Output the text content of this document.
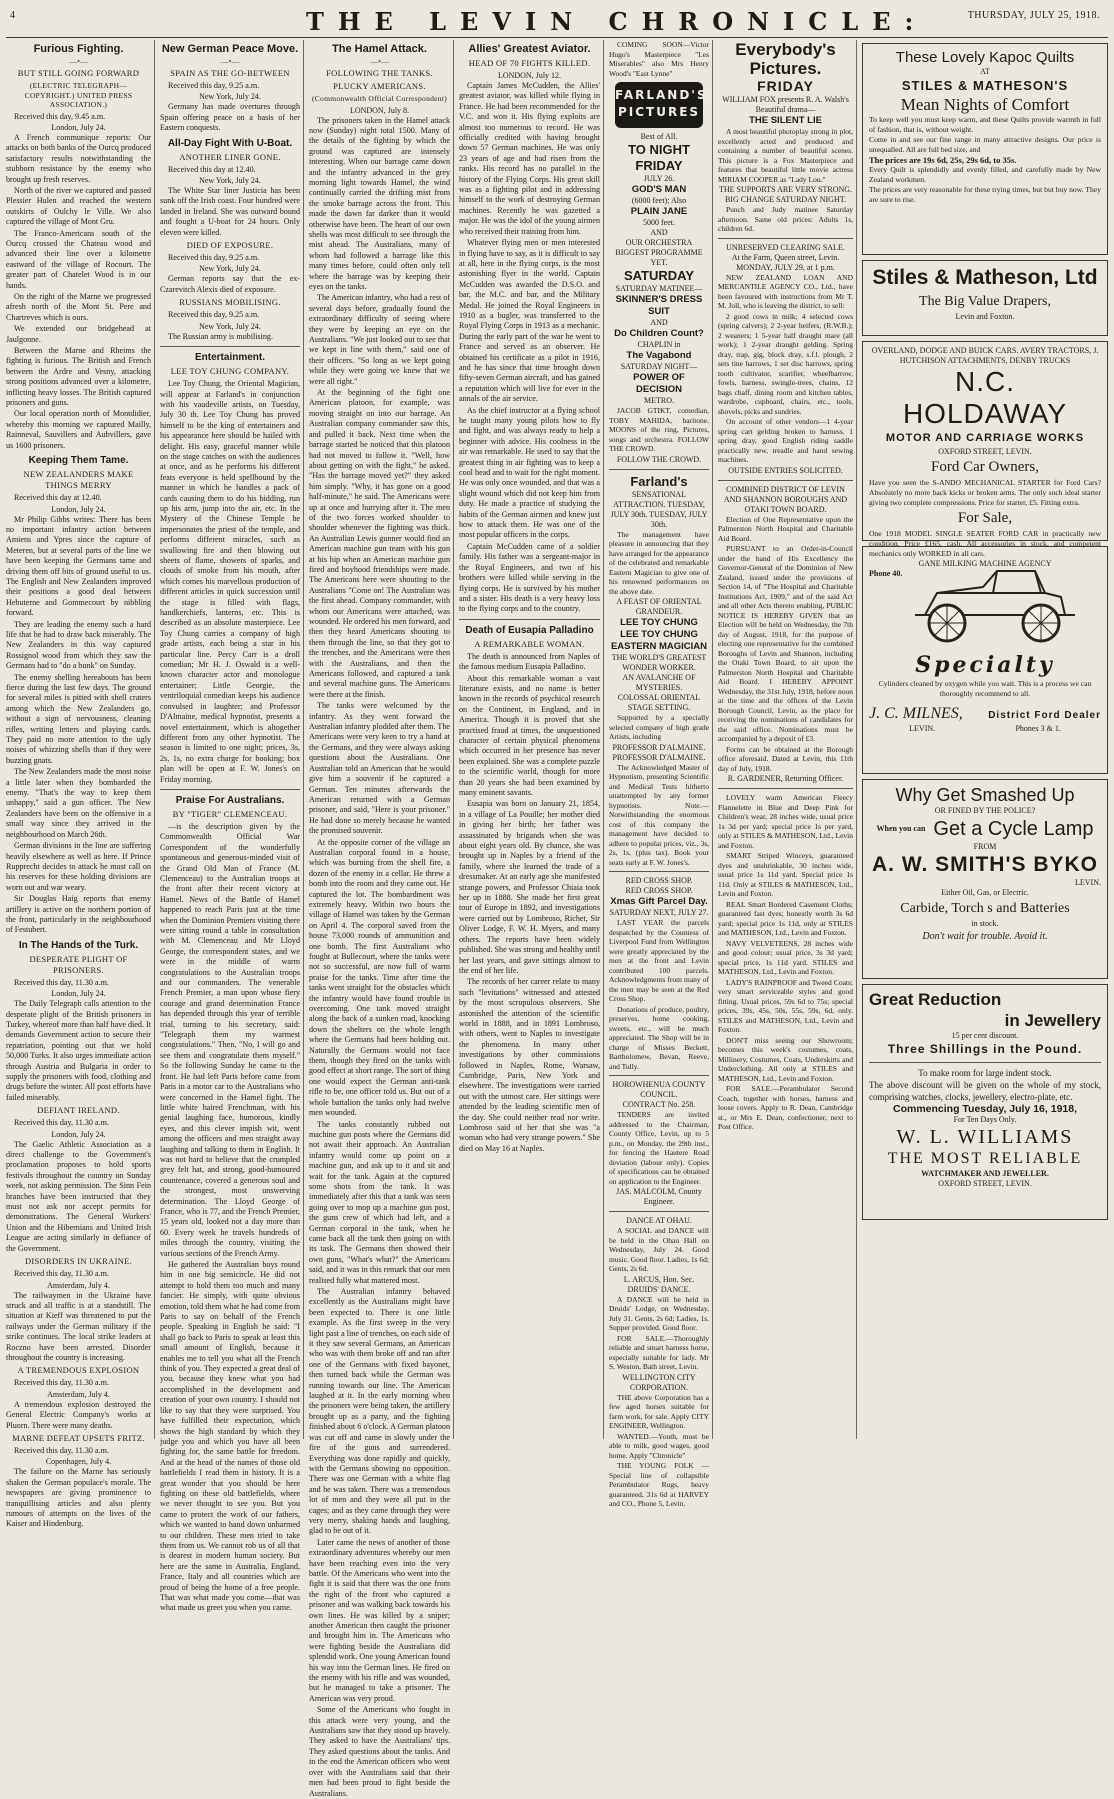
4	THE LEVIN CHRONICLE:	THURSDAY, JULY 25, 1918.
Furious Fighting.
—•—
BUT STILL GOING FORWARD
(ELECTRIC TELEGRAPH—COPYRIGHT.) UNITED PRESS ASSOCIATION.)
Received this day, 9.45 a.m.
London, July 24.

A French communique reports: Our attacks on both banks of the Ourcq produced satisfactory results notwithstanding the stubborn resistance by the enemy who brought up fresh reserves.

North of the river we captured and passed Plessier Hulen and reached the western outskirts of Oulchy le Ville. We also captured the village of Mont Gru.

The Franco-Americans south of the Ourcq crossed the Chateau wood and advanced their line over a kilometre eastward of the village of Rocourt. The greater part of Chatelet Wood is in our hands.

On the right of the Marne we progressed afresh north of the Mont St. Pere and Chartreves which is ours.

We extended our bridgehead at Jaulgonne.

Between the Marne and Rheims the fighting is furious. The British and French between the Ardre and Vesny, attacking strong positions advanced over a kilometre, inflicting heavy losses. The British captured prisoners and guns.

Our local operation north of Montdidier, whereby this morning we captured Mailly, Rainneval, Sauvillers and Aubvillers, gave us 1600 prisoners.

Keeping Them Tame.
NEW ZEALANDERS MAKE THINGS MERRY
Received this day at 12.40.
London, July 24.

Mr Philip Gibbs writes: There has been no important infantry action between Amiens and Ypres since the capture of Meteren, but at several parts of the line we have been keeping the Germans tame and driving them off bits of ground useful to us. The English and New Zealanders improved their positions a good deal between Hebuterne and Gommecourt by nibbling forward.

They are leading the enemy such a hard life that he had to draw back miserably. The New Zealanders in this way captured Rossignol wood from which they saw the Germans had to "do a bunk" on Sunday.

The enemy shelling hereabouts has been fierce during the last few days. The ground for several miles is pitted with shell craters among which the New Zealanders go, without a sign of nervousness, cleaning rifles, writing letters and playing cards. They paid no more attention to the ugly noises of whizzing shells than if they were buzzing gnats.

The New Zealanders made the most noise a little later when they bombarded the enemy. "That's the way to keep them unhappy," said a gun officer. The New Zealanders have been on the offensive in a small way since they arrived in the neighbourhood on March 26th.

German divisions in the line are suffering heavily elsewhere as well as here. If Prince Rupprecht decides to attack he must call on his reserves for these holding divisions are worn out and war weary.

Sir Douglas Haig reports that enemy artillery is active on the northern portion of the front, particularly in the neighbourhood of Festubert.

In The Hands of the Turk.
DESPERATE PLIGHT OF PRISONERS.
Received this day, 11.30 a.m.
London, July 24.

The Daily Telegraph calls attention to the desperate plight of the British prisoners in Turkey, whereof more than half have died. It demands Government action to secure their repatriation, pointing out that we hold 50,000 Turks. It also urges immediate action through Austria and Bulgaria in order to supply the prisoners with food, clothing and drugs before the winter. All post efforts have failed miserably.

DEFIANT IRELAND.
Received this day, 11.30 a.m.
London, July 24.

The Gaelic Athletic Association as a direct challenge to the Government's proclamation proposes to hold sports festivals throughout the country on Sunday week, not asking permission. The Sinn Fein branches have been instructed that they must not ask nor accept permits for demonstrations. The General Workers' Union and the Hibernians and United Irish League are acting similarly in defiance of the Government.

DISORDERS IN UKRAINE.
Received this day, 11.30 a.m.
Amsterdam, July 4.

The railwaymen in the Ukraine have struck and all traffic is at a standstill. The situation at Kieff was threatened to put the railways under the German military if the strike continues. The local strike leaders at Roczno have been arrested. Disorder throughout the country is increasing.

A TREMENDOUS EXPLOSION
Received this day, 11.30 a.m.
Amsterdam, July 4.

A tremendous explosion destroyed the General Electric Company's works at Pluorn. There were many deaths.

MARNE DEFEAT UPSETS FRITZ.
Received this day, 11.30 a.m.
Copenhagen, July 4.

The failure on the Marne has seriously shaken the German populace's morale. The newspapers are giving prominence to tranquillising articles and also plenty rumours of attempts on the lives of the Kaiser and Hindenburg.

New German Peace Move.
—•—
SPAIN AS THE GO-BETWEEN
Received this day, 9.25 a.m.
New York, July 24.

Germany has made overtures through Spain offering peace on a basis of her Eastern conquests.

All-Day Fight With U-Boat.
ANOTHER LINER GONE.
Received this day at 12.40.
New York, July 24.

The White Star liner Justicia has been sunk off the Irish coast. Four hundred were landed in Ireland. She was outward bound and fought a U-boat for 24 hours. Only eleven were killed.

DIED OF EXPOSURE.
Received this day, 9.25 a.m.
New York, July 24.

German reports say that the ex-Czarevitch Alexis died of exposure.

RUSSIANS MOBILISING.
Received this day, 9.25 a.m.
New York, July 24.

The Russian army is mobilising.

Entertainment.
LEE TOY CHUNG COMPANY.

Lee Toy Chung, the Oriental Magician, will appear at Farland's in conjunction with his vaudeville artists, on Tuesday, July 30 th. Lee Toy Chung has proved himself to be the king of entertainers and his appearance here should be hailed with delight. His easy, graceful manner while on the stage catches on with the audiences at once, and as he performs his different feats everyone is held spellbound by the manner in which he handles a pack of cards causing them to do his bidding, run up his arm, jump into the air, etc. In the Mystery of the Chinese Temple he impersonates the priest of the temple, and performs different miracles, such as swallowing fire and then blowing out sheets of flame, showers of sparks, and clouds of smoke from his mouth, after which comes his marvellous production of different articles in quick succession until the stage is filled with flags, handkerchiefs, lanterns, etc. This is described as an absolute masterpiece. Lee Toy Chung carries a company of high grade artists, each being a star in his particular line. Percy Carr is a droll comedian; Mr H. J. Oswald is a well-known character actor and monologue entertainer; Little Georgie, the ventriloquial comedian keeps his audience convulsed in laughter; and Professor D'Almaine, medical hypnotist, presents a novel entertainment, which is altogether different from any other hypnotist. The season is limited to one night; prices, 3s, 2s, 1s, no extra charge for booking; box plan will be open at F. W. Jones's on Friday morning.

Praise For Australians.
BY "TIGER" CLEMENCEAU.

—is the description given by the Commonwealth Official War Correspondent of the wonderfully spontaneous and generous-minded visit of the Grand Old Man of France (M. Clemenceau) to the Australian troops at the front after their recent victory at Hamel. News of the Battle of Hamel happened to reach Paris just at the time when the Dominion Premiers visiting there were sitting round a table in consultation with M. Clemenceau and Mr Lloyd George, the correspondent states, and we were in the middle of warm congratulations to the Australian troops and our commanders. The venerable French Premier, a man upon whose fiery courage and grand determination France has depended through this year of terrible trial, turning to his secretary, said: "Telegraph them my warmest congratulations." Then, "No, I will go and see them and congratulate them myself." So the following Sunday he came to the front. He had left Paris before came from Paris in a motor car to the Australians who were concerned in the Hamel fight. The little white haired Frenchman, with his genial laughing face, humorous, kindly eyes, and this clever impish wit, went among the officers and men straight away laughing and talking to them in English. It was not hard to believe that the crumpled grey felt hat, and strong, good-humoured countenance, covered a generous soul and the strongest, most unswerving determination. The Lloyd George of France, who is 77, and the French Premier, 15 years old, looked not a day more than 60. Every week he travels hundreds of miles through the country, visiting the various sections of the French Army.

He gathered the Australian boys round him in one big semicircle. He did not attempt to hold them too much and many fancier. He simply, with quite obvious emotion, told them what he had come from Paris to say on behalf of the French people. Speaking in English he said: "I shall go back to Paris to speak at least this small amount of English, because it enables me to tell you what all the French think of you. They expected a great deal of you, because they knew what you had accomplished in the development and creation of your own country. I should not like to say that they were surprised. You have fulfilled their expectation, which shows the high standard by which they judge you and which you have all been fighting for, the same battle for freedom. And at the head of the names of those old battlefields I read them in history. It is a great wonder that you should be here fighting on these old battlefields, where we never thought to see you. But you came to protect the work of our fathers, which we wanted to hand down unharmed to our children. These men tried to take them from us. We cannot rob us of all that is dearest in modern human society. But here are the same in Australia, England, France, Italy and all countries which are proud of being the home of a free people. That was what made you come—that was what made us greet you when you came.

The Hamel Attack.
—•—
FOLLOWING THE TANKS.
PLUCKY AMERICANS.
(Commonwealth Official Correspondent)
LONDON, July 8.

The prisoners taken in the Hamel attack now (Sunday) night total 1500. Many of the details of the fighting by which the ground was captured are intensely interesting. When our barrage came down and the infantry advanced in the grey morning light towards Hamel, the wind continually carried the drifting mist from the smoke barrage across the front. This made the dawn far darker than it would otherwise have been. The heart of our own shells was most difficult to see through the mist ahead. The Australians, many of whom had followed a barrage like this many times before, could often only tell where the barrage was by keeping their eyes on the tanks.

The American infantry, who had a rest of several days before, gradually found the extraordinary difficulty of seeing where they were by keeping an eye on the Australians. "We just looked out to see that we kept in line with them," said one of their officers. "So long as we kept going while they were going we knew that we were all right."

At the beginning of the fight one American platoon, for example, was moving straight on into our barrage. An Australian company commander saw this, and pulled it back. Next time when the barrage started he noticed that this platoon had not moved to follow it. "Well, how about getting on with the fight," he asked. "Has the barrage moved yet?" they asked him simply. "Why, it has gone on a good half-minute," he said. The Americans were up at once and hurrying after it. The men of the two forces worked shoulder to shoulder whenever the fighting was thick. An Australian Lewis gunner would find an American machine gun team with his gun at his hip when an American machine gun fired and boyhood friendships were made. The Americans here were shouting to the Australians "Come on! The Australian was the first ahead. Company commander, with whom our Americans were attached, was wounded. He ordered his men forward, and then they heard Americans shouting to them through the line, so that they got to the trenches, and the Americans were then with the Australians, and then the Americans followed, and captured a tank and several machine guns. The Americans were there at the finish.

The tanks were welcomed by the infantry. As they went forward the Australian infantry plodded after them. The Americans were very keen to try a hand at the Germans, and they were always asking questions about the Australians. One Australian told an American that he would give him a souvenir if he captured a German. Ten minutes afterwards the American returned with a German prisoner, and said, "Here is your prisoner." He had done so merely because he wanted the promised souvenir.

At the opposite corner of the village an Australian corporal found in a house, which was burning from the shell fire, a dozen of the enemy in a cellar. He threw a bomb into the room and they came out. He captured the lot. The bombardment was extremely heavy. Within two hours the village of Hamel was taken by the German on April 4. The corporal saved from the house 73,000 rounds of ammunition and one bomb. The first Australians who fought at Bullecourt, where the tanks were not so successful, are now full of warm praise for the tanks. Time after time the tanks went straight for the obstacles which the infantry would have found trouble in overcoming. One tank moved straight along the back of a sunken road, knocking down the shelters on the whole length where the Germans had been holding out. Naturally the Germans would not face them, though they fired on the tanks with good effect at short range. The sort of thing one would expect the German anti-tank rifle to be, one officer told us. But out of a whole battalion the tanks only had twelve men wounded.

The tanks constantly rubbed out machine gun posts where the Germans did not await their approach. An Australian infantry would come up point on a machine gun, and ask up to it and sit and wait for the tank. Again at the captured some shots from the tank. It was immediately after this that a tank was seen going over to mop up a machine gun post, the guns crew of which had left, and a German corporal in the tank, when he came back all the tank then going on with its task. The Germans then showed their own guns, "What's what?" the Americans said, and it was in this remark that our men realised fully what mattered most.

The Australian infantry behaved excellently as the Australians might have been expected to. There is one little example. As the first sweep in the very light past a line of trenches, on each side of it they saw several Germans, an American who was with them broke off and ran after one of the Germans with fixed bayonet, then turned back while the German was running towards our line. The American laughed at it. In the early morning when the prisoners were being taken, the artillery brought up as a party, and the fighting finished about 6 o'clock. A German platoon was cut off and came in slowly under the fire of the guns and surrendered. Everything was done rapidly and quickly, with the Germans showing no opposition. There was one German with a white flag and he was taken. There was a tremendous lot of men and they were all put in the cages; and as they came through they were very merry, shaking hands and laughing, glad to be out of it.

Later came the news of another of those extraordinary adventures whereby our men have been reaching even into the very battle. Of the Americans who went into the fight it is said that there was the one from the right of the front who captured a prisoner and was walking back towards his own lines. He was killed by a sniper; another American then caught the prisoner and brought him in. The Americans who were fighting beside the Australians did splendid work. One young American found his way into the German lines. He fired on the enemy with his rifle and was wounded, but he managed to take a prisoner. The American was very proud.

Some of the Americans who fought in this attack were very young, and the Australians saw that they stood up bravely. They asked to have the Australians' tips. They asked questions about the tanks. And in the end the American officers who went over with the Australians said that their men had been proud to fight beside the Australians.

Allies' Greatest Aviator.
HEAD OF 70 FIGHTS KILLED.
LONDON, July 12.

Captain James McCudden, the Allies' greatest aviator, was killed while flying in France. He had been recommended for the V.C. and won it. His flying exploits are almost too numerous to record. He was officially credited with having brought down 57 German machines. He was only 23 years of age and had risen from the ranks. His record has no parallel in the history of the Flying Corps. His great skill was as a fighting pilot and in addressing himself to the work of destroying German machines. Recently he was gazetted a major. He was the idol of the young airmen who received their training from him.

Whatever flying men or men interested in flying have to say, as it is difficult to say at all, here in the flying corps, is the most astonishing flyer in the world. Captain McCudden was awarded the D.S.O. and bar, the M.C. and bar, and the Military Medal. He joined the Royal Engineers in 1910 as a bugler, was transferred to the Royal Flying Corps in 1913 as a mechanic. During the early part of the war he went to France and served as an observer. He obtained his certificate as a pilot in 1916, and he has since that time brought down fifty-seven German aircraft, and has gained a reputation which will live for ever in the annals of the air service.

As the chief instructor at a flying school he taught many young pilots how to fly and fight, and was always ready to help a beginner with advice. His coolness in the air was remarkable. He used to say that the greatest thing in air fighting was to keep a cool head and to wait for the right moment. He was only once wounded, and that was a slight wound which did not keep him from duty. He made a practice of studying the habits of the German airmen and knew just how to attack them. He was one of the most popular officers in the corps.

Captain McCudden came of a soldier family. His father was a sergeant-major in the Royal Engineers, and two of his brothers were killed while serving in the flying corps. He is survived by his mother and a sister. His death is a very heavy loss to the flying corps and to the country.

Death of Eusapia Palladino
A REMARKABLE WOMAN.

The death is announced from Naples of the famous medium Eusapia Palladino.

About this remarkable woman a vast literature exists, and no name is better known in the records of psychical research on the Continent, in England, and in America. Though it is proved that she practised fraud at times, the unquestioned character of certain physical phenomena which occurred in her presence has never been explained. She was a complete puzzle to the scientific world, though for more than 20 years she had been examined by many eminent savants.

Eusapia was born on January 21, 1854, in a village of La Pouille; her mother died in giving her birth; her father was assassinated by brigands when she was about eight years old. By chance, she was brought up in Naples by a friend of the family, where she learned the trade of a dressmaker. At an early age she manifested strange powers, and Professor Chiaia took her up in 1888. She made her first great tour of Europe in 1892, and investigations were carried out by Lombroso, Richet, Sir Oliver Lodge, F. W. H. Myers, and many others. The reports have been widely published. She was strong and healthy until her last years, and gave sittings almost to the end of her life.

The records of her career relate to many such "levitations" witnessed and attested by the most scrupulous observers. She astonished the attention of the scientific world in 1888, and in 1891 Lombroso, with others, went to Naples to investigate the phenomena. In many other investigations by other commissions followed in Naples, Rome, Warsaw, Cambridge, Paris, New York and elsewhere. The investigations were carried out with the utmost care. Her sittings were attended by the leading scientific men of the day. She could neither read nor write. Lombroso said of her that she was "a woman who had very strange powers." She died on May 16 at Naples.

COMING SOON—Victor Hugo's Masterpiece "Les Miserables" also Mrs Henry Wood's "East Lynne"

FARLAND'S
PICTURES
Best of All.
TO NIGHT
FRIDAY
JULY 26.
GOD'S MAN
(6000 feet); Also
PLAIN JANE
5000 feet.
AND
OUR ORCHESTRA
BIGGEST PROGRAMME YET.
SATURDAY
SATURDAY MATINEE—
SKINNER'S DRESS SUIT
AND
Do Children Count?
CHAPLIN in
The Vagabond
SATURDAY NIGHT—
POWER OF DECISION
METRO.

JACOB GTIKT, comedian, TOBY MAHIDA, baritone. MOONS of the ring, Pictures, songs and orchestra. FOLLOW THE CROWD.

FOLLOW THE CROWD.
Farland's
SENSATIONAL ATTRACTION. TUESDAY, JULY 30th. TUESDAY, JULY 30th.

The management have pleasure in announcing that they have arranged for the appearance of the celebrated and remarkable Eastern Magician to give one of his renowned performances on the above date.

A FEAST OF ORIENTAL GRANDEUR.
LEE TOY CHUNG
LEE TOY CHUNG
EASTERN MAGICIAN
THE WORLD'S GREATEST WONDER WORKER.
AN AVALANCHE OF MYSTERIES.
COLOSSAL ORIENTAL STAGE SETTING.

Supported by a specially selected company of high grade Artists, including

PROFESSOR D'ALMAINE. PROFESSOR D'ALMAINE.

The Acknowledged Master of Hypnotism, presenting Scientific and Medical Tests hitherto unattempted by any former hypnotists. Note.—Notwithstanding the enormous cost of this company the management have decided to adhere to popular prices, viz., 3s, 2s, 1s, (plus tax). Book your seats early at F. W. Jones's.

RED CROSS SHOP.
RED CROSS SHOP.
Xmas Gift Parcel Day.
SATURDAY NEXT, JULY 27.

LAST YEAR the parcels despatched by the Countess of Liverpool Fund from Wellington were greatly appreciated by the men at the front and Levin contributed 100 parcels. Acknowledgments from many of the men may be seen at the Red Cross Shop.

Donations of produce, poultry, preserves, home cooking, sweets, etc., will be much appreciated. The Shop will be in charge of Misses Beckett, Bartholomew, Bevan, Reeve, and Tully.

HOROWHENUA COUNTY COUNCIL.
CONTRACT No. 258.

TENDERS are invited addressed to the Chairman, County Office, Levin, up to 5 p.m., on Monday, the 29th inst., for fencing the Hautere Road deviation (labour only). Copies of specifications can be obtained on application to the Engineer.

JAS. MALCOLM, County Engineer.
DANCE AT OHAU.

A SOCIAL and DANCE will be held in the Ohau Hall on Wednesday, July 24. Good music. Good floor. Ladies, 1s 6d; Gents, 2s 6d.

L. ARCUS, Hon. Sec.
DRUIDS' DANCE.

A DANCE will be held in Druids' Lodge, on Wednesday, July 31. Gents, 2s 6d; Ladies, 1s. Supper provided. Good floor.

FOR SALE.—Thoroughly reliable and smart harness horse, especially suitable for lady. Mr S. Weston, Bath street, Levin.

WELLINGTON CITY CORPORATION.

THE above Corporation has a few aged horses suitable for farm work, for sale. Apply CITY ENGINEER, Wellington.

WANTED.—Youth, must be able to milk, good wages, good home. Apply "Chronicle"

THE YOUNG FOLK — Special line of collapsible Perambulator Rugs, heavy guaranteed, 31s 6d at HARVEY and CO., Phone 5, Levin.

Everybody's
Pictures.
FRIDAY
WILLIAM FOX presents R. A. Walsh's Beautiful drama—
THE SILENT LIE

A most beautiful photoplay strong in plot, excellently acted and produced and containing a number of beautiful scenes. This picture is a Fox Masterpiece and features that beautiful little movie actress MIRIAM COOPER as "Lady Lou."

THE SUPPORTS ARE VERY STRONG.
BIG CHANGE SATURDAY NIGHT.

Punch and Judy matinee Saturday afternoon. Same old prices: Adults 1s, children 6d.

UNRESERVED CLEARING SALE.
At the Farm, Queen street, Levin.
MONDAY, JULY 29, at 1 p.m.

NEW ZEALAND LOAN AND MERCANTILE AGENCY CO., Ltd., have been favoured with instructions from Mr T. M. Joll, who is leaving the district, to sell:

2 good cows in milk; 4 selected cows (spring calvers); 2 2-year heifers, (R.W.B.); 2 weaners; 1 5-year half draught mare (all work); 1 2-year draught gelding. Spring dray, trap, gig, block dray, s.f.l. plough, 2 sets tine harrows, 1 set disc harrows, spring tooth cultivator, scarifier, wheelbarrow, fowls, harness, swingle-trees, chains, 12 bags chaff, dining room and kitchen tables, wardrobe, cupboard, chairs, etc., tools, shovels, picks and sundries.

On account of other vendors—1 4-year spring cart gelding broken to harness. 1 spring dray, good English riding saddle practically new, treadle and hand sewing machines.

OUTSIDE ENTRIES SOLICITED.
COMBINED DISTRICT OF LEVIN AND SHANNON BOROUGHS AND OTAKI TOWN BOARD.

Election of One Representative upon the Palmerston North Hospital and Charitable Aid Board.

PURSUANT to an Order-in-Council under the hand of His Excellency the Governor-General of the Dominion of New Zealand, issued under the provisions of Section 14, of "The Hospital and Charitable Institutions Act, 1909," and of the said Act and all other Acts thereto enabling, PUBLIC NOTICE IS HEREBY GIVEN that an Election will be held on Wednesday, the 7th day of August, 1918, for the purpose of electing one representative for the combined Boroughs of Levin and Shannon, including the Otaki Town Board, to sit upon the Palmerston North Hospital and Charitable Aid Board. I HEREBY APPOINT Wednesday, the 31st July, 1918, before noon at the time and the offices of the Levin Borough Council, Levin, as the place for receiving the nominations of candidates for the said office. Nominations must be accompanied by a deposit of £3.

Forms can be obtained at the Borough office aforesaid. Dated at Levin, this 11th day of July, 1918.

R. GARDENER, Returning Officer.

LOVELY warm American Fleecy Flannelette in Blue and Deep Pink for Children's wear, 28 inches wide, usual price 1s 3d per yard; special price 1s per yard, only at STILES & MATHESON, Ltd., Levin and Foxton.

SMART Striped Winceys, guaranteed dyes and unshrinkable, 30 inches wide, usual price 1s 11d yard. Special price 1s 11d. Only at STILES & MATHESON, Ltd., Levin and Foxton.

REAL Smart Bordered Casement Cloths; guaranteed fast dyes; honestly worth 3s 6d yard; special price 1s 11d, only at STILES and MATHESON, Ltd., Levin and Foxton.

NAVY VELVETEENS, 28 inches wide and good colour; usual price, 3s 3d yard; special price, 1s 11d yard. STILES and MATHESON, Ltd., Levin and Foxton.

LADY'S RAINPROOF and Tweed Coats; very smart serviceable styles and good fitting. Usual prices, 59s 6d to 75s; special prices, 39s, 45s, 50s, 55s, 59s, 6d, only. STILES and MATHESON, Ltd., Levin and Foxton.

DON'T miss seeing our Showroom; becomes this week's costumes, coats, Millinery, Costumes, Coats, Underskirts and Underclothing. All only at STILES and MATHESON, Ltd., Levin and Foxton.

FOR SALE.—Perambulator Second Coach, together with horses, harness and loose covers. Apply to R. Dean, Cambridge st., or Mrs E. Dean, confectioner, next to Post Office.

These Lovely Kapoc Quilts
AT
STILES & MATHESON'S
Mean Nights of Comfort

To keep well you must keep warm, and these Quilts provide warmth in full of fashion, that is, without weight.

Come in and see our fine range in many attractive designs. Our price is unequalled. All are full bed size, and

The prices are 19s 6d, 25s, 29s 6d, to 35s.

Every Quilt is splendidly and evenly filled, and carefully made by New Zealand workmen.

The prices are very reasonable for these trying times, but but buy now. They are sure to rise.

Stiles & Matheson, Ltd
The Big Value Drapers,
Levin and Foxton.
OVERLAND, DODGE AND BUICK CARS. AVERY TRACTORS, J. HUTCHISON ATTACHMENTS, DENBY TRUCKS
N.C. HOLDAWAY
MOTOR AND CARRIAGE WORKS
OXFORD STREET, LEVIN.
Ford Car Owners,

Have you seen the S-ANDO MECHANICAL STARTER for Ford Cars? Absolutely no more back kicks or broken arms. The only such ideal starter giving two complete compressions. Price for starter, £5. Fitting extra.

For Sale,

One 1918 MODEL SINGLE SEATER FORD CAR in practically new condition. Price £165, cash. All accessories in stock, and competent mechanics only WORKED in all cars.

GANE MILKING MACHINE AGENCY
Phone 40.
Specialty

Cylinders cleaned by oxygen while you wait. This is a process we can thoroughly recommend to all.

J. C. MILNES,	District Ford Dealer
LEVIN.	Phones 3 & 1.
Why Get Smashed Up
OR FINED BY THE POLICE?
When you can Get a Cycle Lamp
FROM
A. W. SMITH'S BYKO
LEVIN.
Either Oil, Gas, or Electric.
Carbide, Torch s and Batteries
in stock.
Don't wait for trouble. Avoid it.
Great Reduction
in Jewellery
15 per cent discount.
Three Shillings in the Pound.

To make room for large indent stock.

The above discount will be given on the whole of my stock, comprising watches, clocks, jewellery, electro-plate, etc.

Commencing Tuesday, July 16, 1918,
For Ten Days Only.
W. L. WILLIAMS
THE MOST RELIABLE
WATCHMAKER AND JEWELLER.
OXFORD STREET, LEVIN.
